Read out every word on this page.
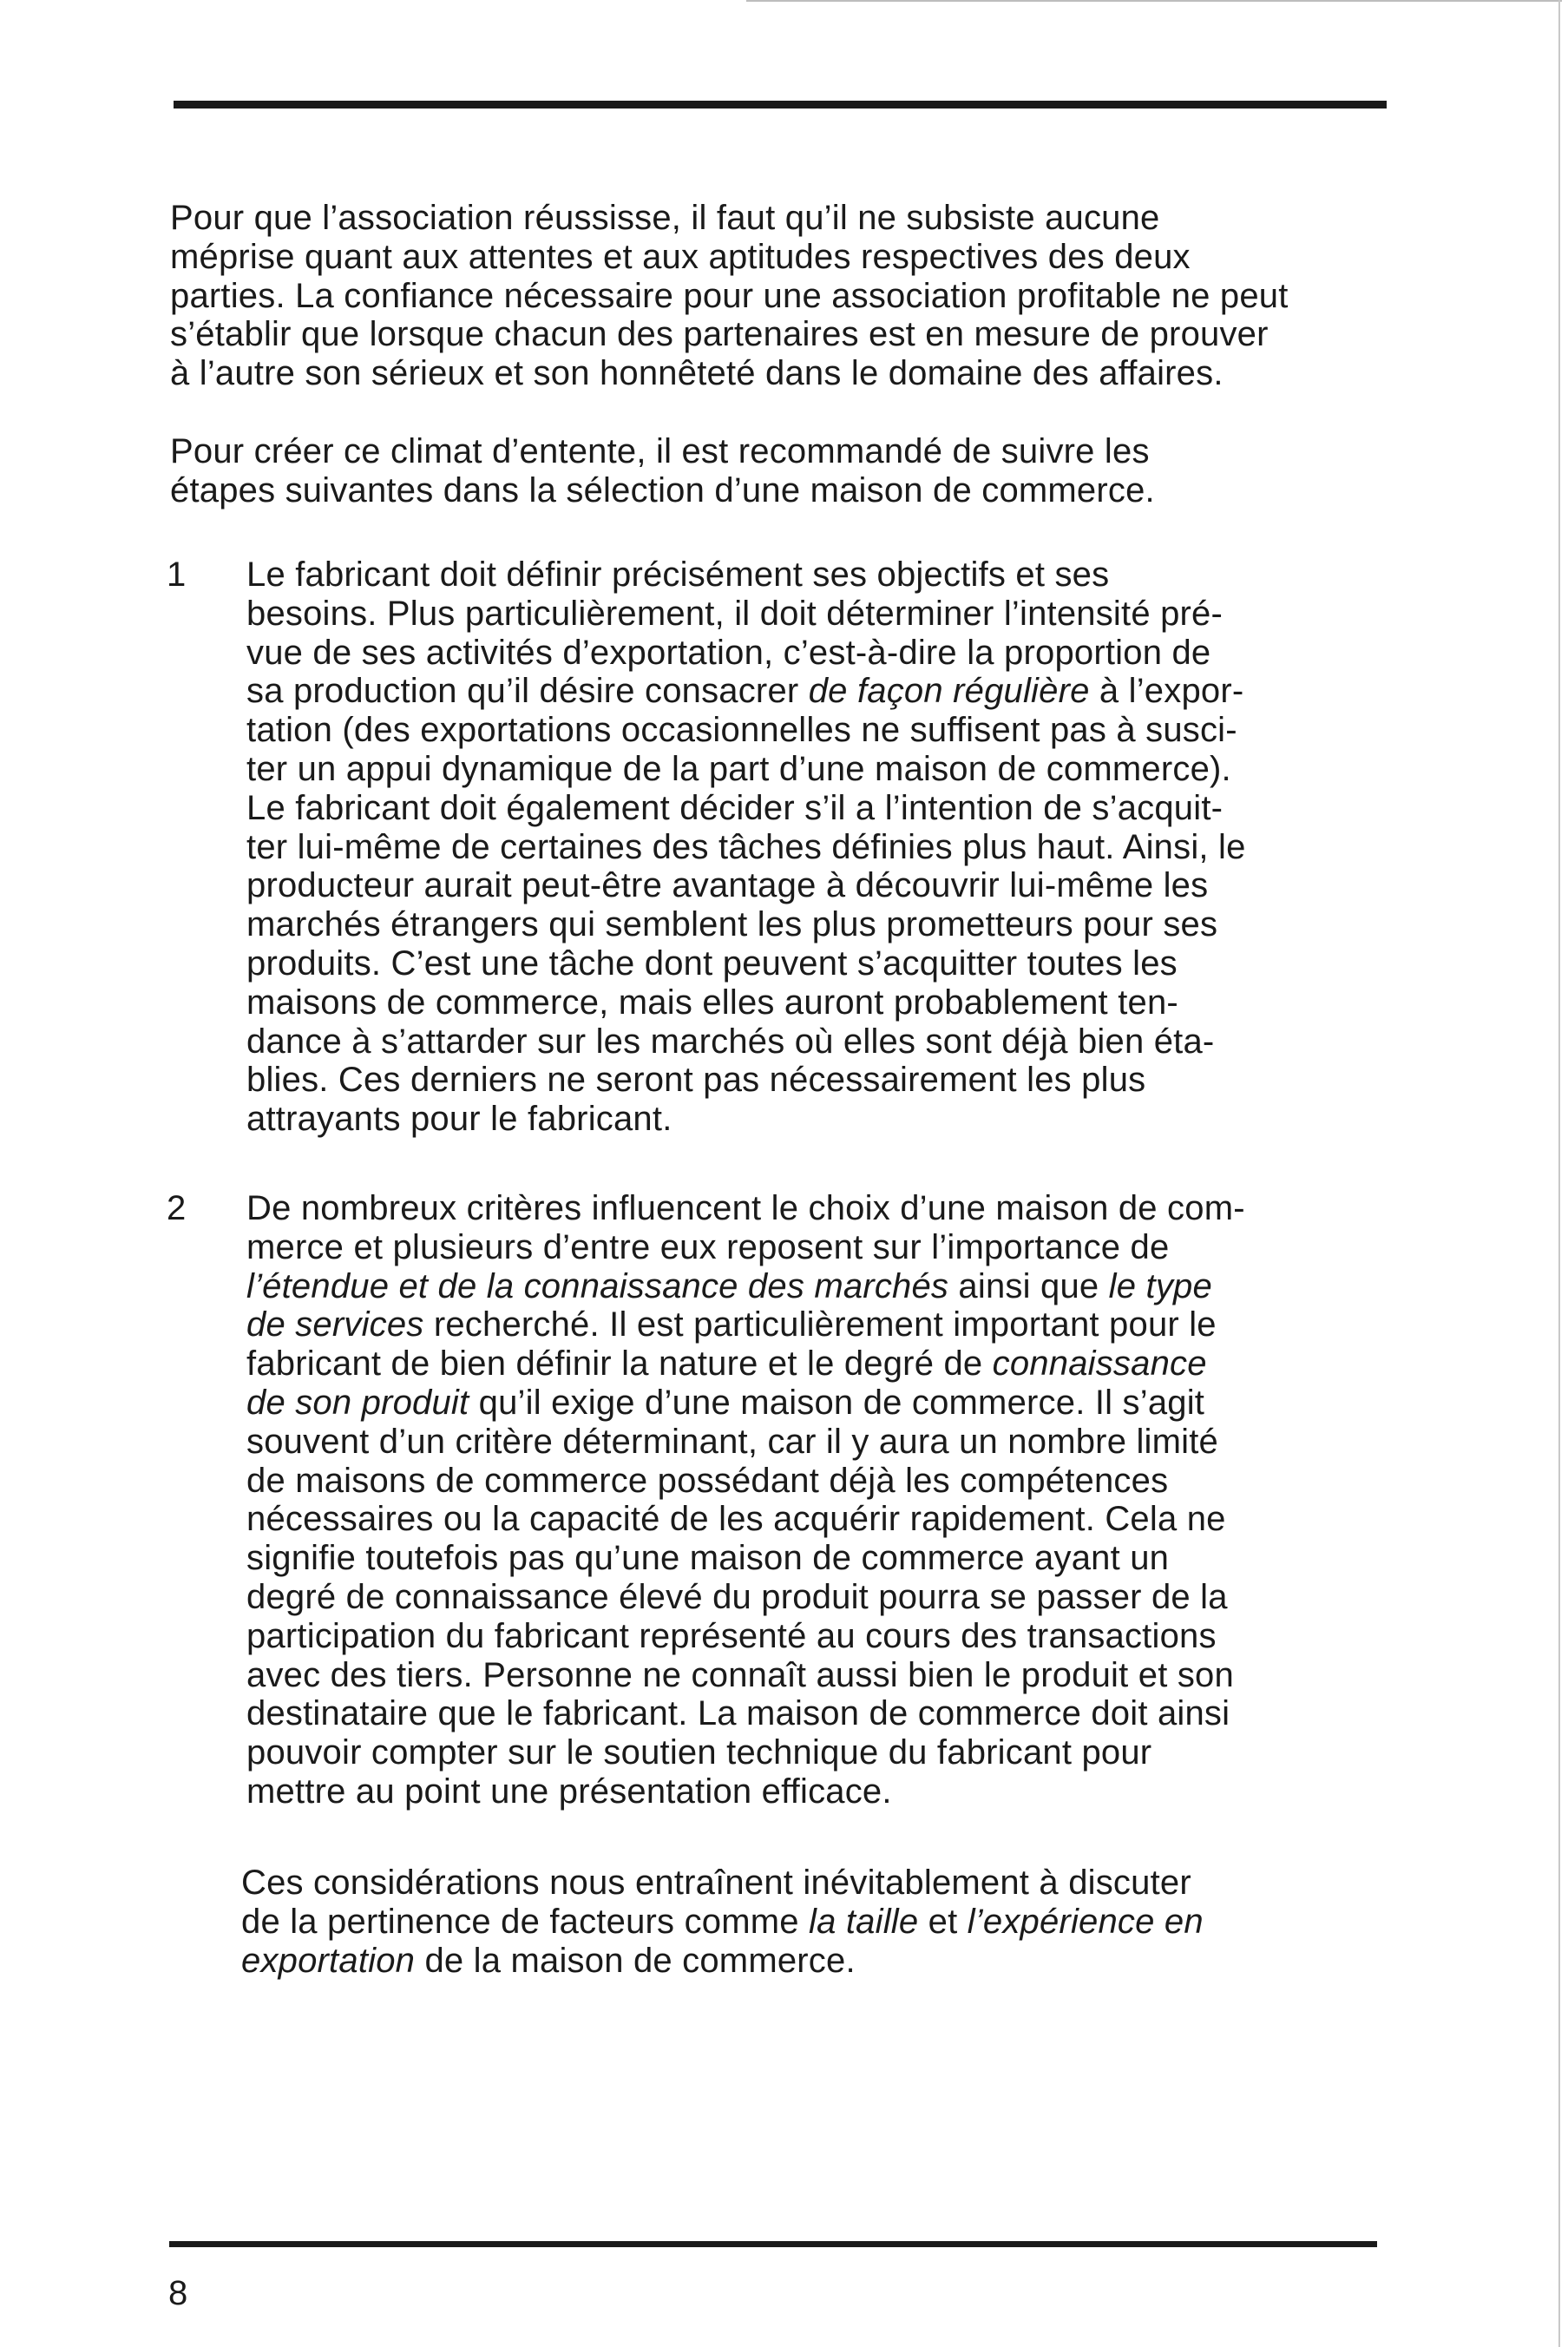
Pour que l’association réussisse, il faut qu’il ne subsiste aucune
méprise quant aux attentes et aux aptitudes respectives des deux
parties. La confiance nécessaire pour une association profitable ne peut
s’établir que lorsque chacun des partenaires est en mesure de prouver
à l’autre son sérieux et son honnêteté dans le domaine des affaires.
Pour créer ce climat d’entente, il est recommandé de suivre les
étapes suivantes dans la sélection d’une maison de commerce.
1	Le fabricant doit définir précisément ses objectifs et ses
besoins. Plus particulièrement, il doit déterminer l’intensité pré-
vue de ses activités d’exportation, c’est-à-dire la proportion de
sa production qu’il désire consacrer de façon régulière à l’expor-
tation (des exportations occasionnelles ne suffisent pas à susci-
ter un appui dynamique de la part d’une maison de commerce).
Le fabricant doit également décider s’il a l’intention de s’acquit-
ter lui-même de certaines des tâches définies plus haut. Ainsi, le
producteur aurait peut-être avantage à découvrir lui-même les
marchés étrangers qui semblent les plus prometteurs pour ses
produits. C’est une tâche dont peuvent s’acquitter toutes les
maisons de commerce, mais elles auront probablement ten-
dance à s’attarder sur les marchés où elles sont déjà bien éta-
blies. Ces derniers ne seront pas nécessairement les plus
attrayants pour le fabricant.
2	De nombreux critères influencent le choix d’une maison de com-
merce et plusieurs d’entre eux reposent sur l’importance de
l’étendue et de la connaissance des marchés ainsi que le type
de services recherché. Il est particulièrement important pour le
fabricant de bien définir la nature et le degré de connaissance
de son produit qu’il exige d’une maison de commerce. Il s’agit
souvent d’un critère déterminant, car il y aura un nombre limité
de maisons de commerce possédant déjà les compétences
nécessaires ou la capacité de les acquérir rapidement. Cela ne
signifie toutefois pas qu’une maison de commerce ayant un
degré de connaissance élevé du produit pourra se passer de la
participation du fabricant représenté au cours des transactions
avec des tiers. Personne ne connaît aussi bien le produit et son
destinataire que le fabricant. La maison de commerce doit ainsi
pouvoir compter sur le soutien technique du fabricant pour
mettre au point une présentation efficace.
Ces considérations nous entraînent inévitablement à discuter
de la pertinence de facteurs comme la taille et l’expérience en
exportation de la maison de commerce.
8
